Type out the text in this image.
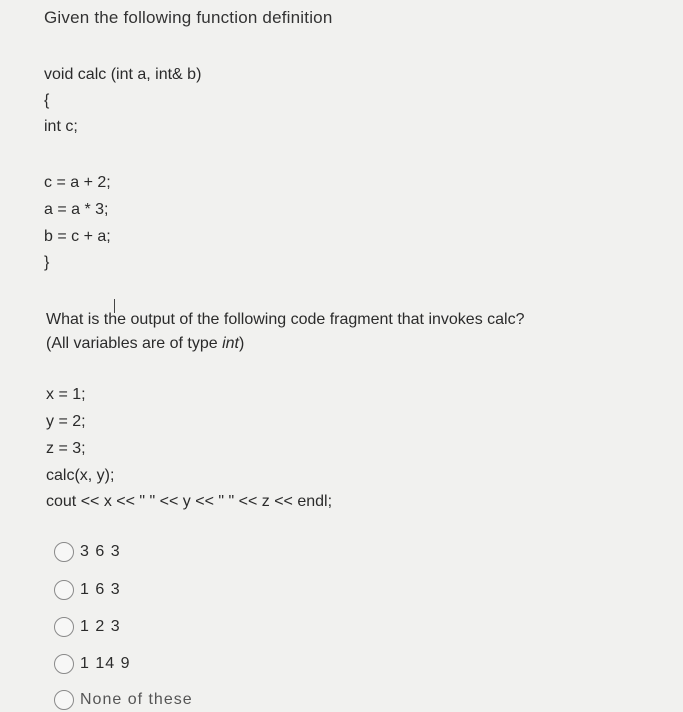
Given the following function definition
void calc (int a, int& b)
{
int c;
c = a + 2;
a = a * 3;
b = c + a;
}
What is the output of the following code fragment that invokes calc?
(All variables are of type int)
x = 1;
y = 2;
z = 3;
calc(x, y);
cout << x << " " << y << " " << z << endl;
3 6 3
1 6 3
1 2 3
1 14 9
None of these
